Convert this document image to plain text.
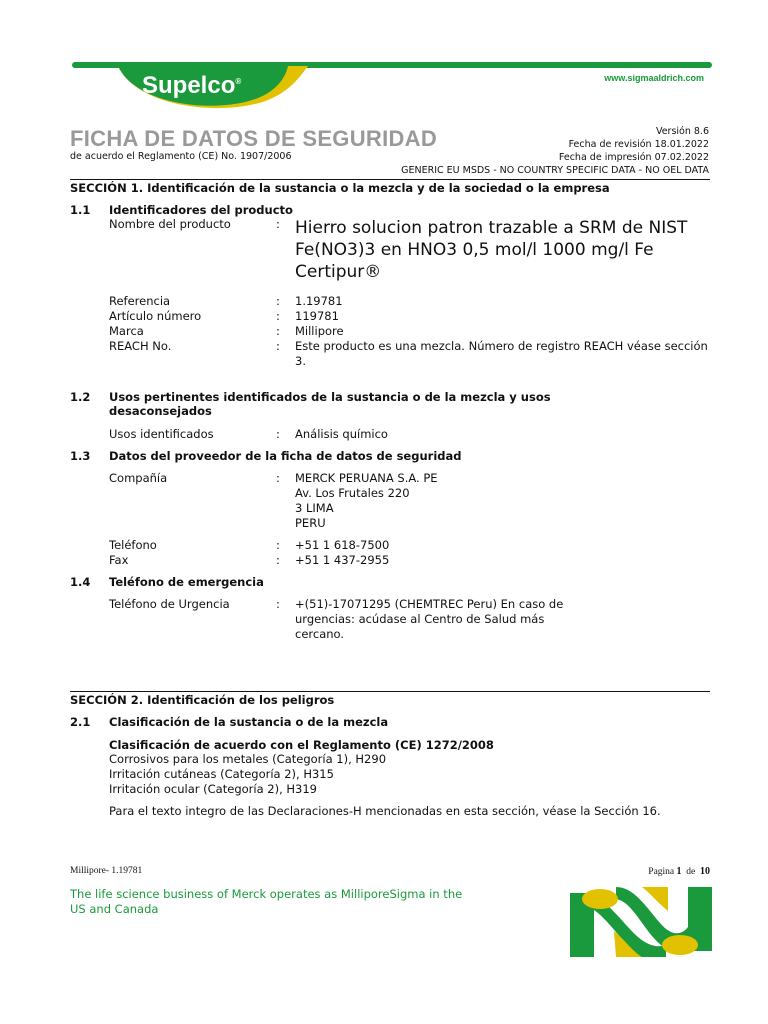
Supelco®	www.sigmaaldrich.com
FICHA DE DATOS DE SEGURIDAD
de acuerdo el Reglamento (CE) No. 1907/2006
Versión 8.6
Fecha de revisión 18.01.2022
Fecha de impresión 07.02.2022
GENERIC EU MSDS - NO COUNTRY SPECIFIC DATA - NO OEL DATA
SECCIÓN 1. Identificación de la sustancia o la mezcla y de la sociedad o la empresa
1.1 Identificadores del producto
Nombre del producto	: Hierro solucion patron trazable a SRM de NIST Fe(NO3)3 en HNO3 0,5 mol/l 1000 mg/l Fe Certipur®
Referencia	: 1.19781
Artículo número	: 119781
Marca	: Millipore
REACH No.	: Este producto es una mezcla. Número de registro REACH véase sección 3.
1.2 Usos pertinentes identificados de la sustancia o de la mezcla y usos desaconsejados
Usos identificados	: Análisis químico
1.3 Datos del proveedor de la ficha de datos de seguridad
Compañía	: MERCK PERUANA S.A. PE
Av. Los Frutales 220
3 LIMA
PERU
Teléfono	: +51 1 618-7500
Fax	: +51 1 437-2955
1.4 Teléfono de emergencia
Teléfono de Urgencia	: +(51)-17071295 (CHEMTREC Peru) En caso de urgencias: acúdase al Centro de Salud más cercano.
SECCIÓN 2. Identificación de los peligros
2.1 Clasificación de la sustancia o de la mezcla
Clasificación de acuerdo con el Reglamento (CE) 1272/2008
Corrosivos para los metales (Categoría 1), H290
Irritación cutáneas (Categoría 2), H315
Irritación ocular (Categoría 2), H319
Para el texto integro de las Declaraciones-H mencionadas en esta sección, véase la Sección 16.
Millipore- 1.19781	Pagina 1 de 10
The life science business of Merck operates as MilliporeSigma in the US and Canada
